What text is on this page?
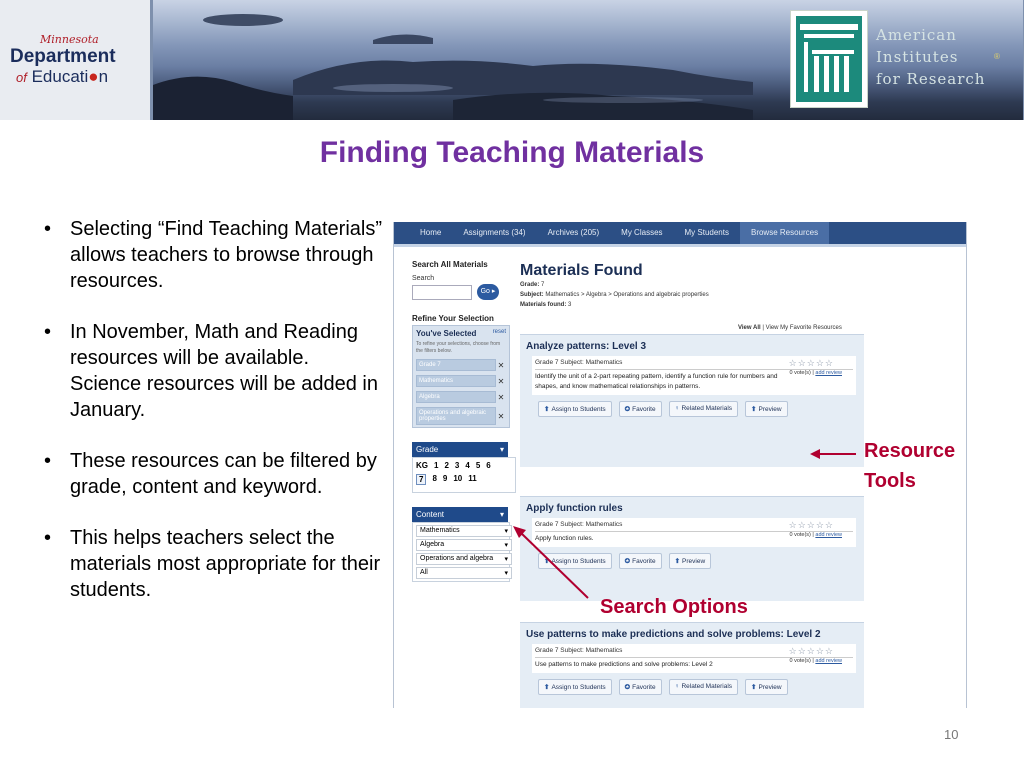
Minnesota
Department
of Educati●n
American
Institutes
for Research
®
Finding Teaching Materials
• Selecting “Find Teaching Materials” allows teachers to browse through resources.
• In November, Math and Reading resources will be available. Science resources will be added in January.
• These resources can be filtered by grade, content and keyword.
• This helps teachers select the materials most appropriate for their students.
Home	Assignments (34)	Archives (205)	My Classes	My Students	Browse Resources
Search All Materials
Search
Go ▸
Refine Your Selection
You've Selected	reset
To refine your selections, choose from the filters below.
Grade 7	✕
Mathematics	✕
Algebra	✕
Operations and algebraic properties	✕
Grade	▾
KG 1 2 3 4 5 6
7	8 9 10 11
Content	▾
Mathematics	▾
Algebra	▾
Operations and algebra ▾
All	▾
Materials Found
Grade: 7
Subject: Mathematics > Algebra > Operations and algebraic properties
Materials found: 3
View All | View My Favorite Resources
Analyze patterns: Level 3
Grade 7 Subject: Mathematics
Identify the unit of a 2-part repeating pattern, identify a function rule for numbers and shapes, and know mathematical relationships in patterns.
☆☆☆☆☆
0 vote(s) | add review
⬆ Assign to Students	✪ Favorite	♀ Related Materials	⬆ Preview
Apply function rules
Grade 7 Subject: Mathematics
Apply function rules.
☆☆☆☆☆
0 vote(s) | add review
⬆ Assign to Students	✪ Favorite	⬆ Preview
Use patterns to make predictions and solve problems: Level 2
Grade 7 Subject: Mathematics
Use patterns to make predictions and solve problems: Level 2
☆☆☆☆☆
0 vote(s) | add review
⬆ Assign to Students	✪ Favorite	♀ Related Materials	⬆ Preview
Resource
Tools
Search Options
10
